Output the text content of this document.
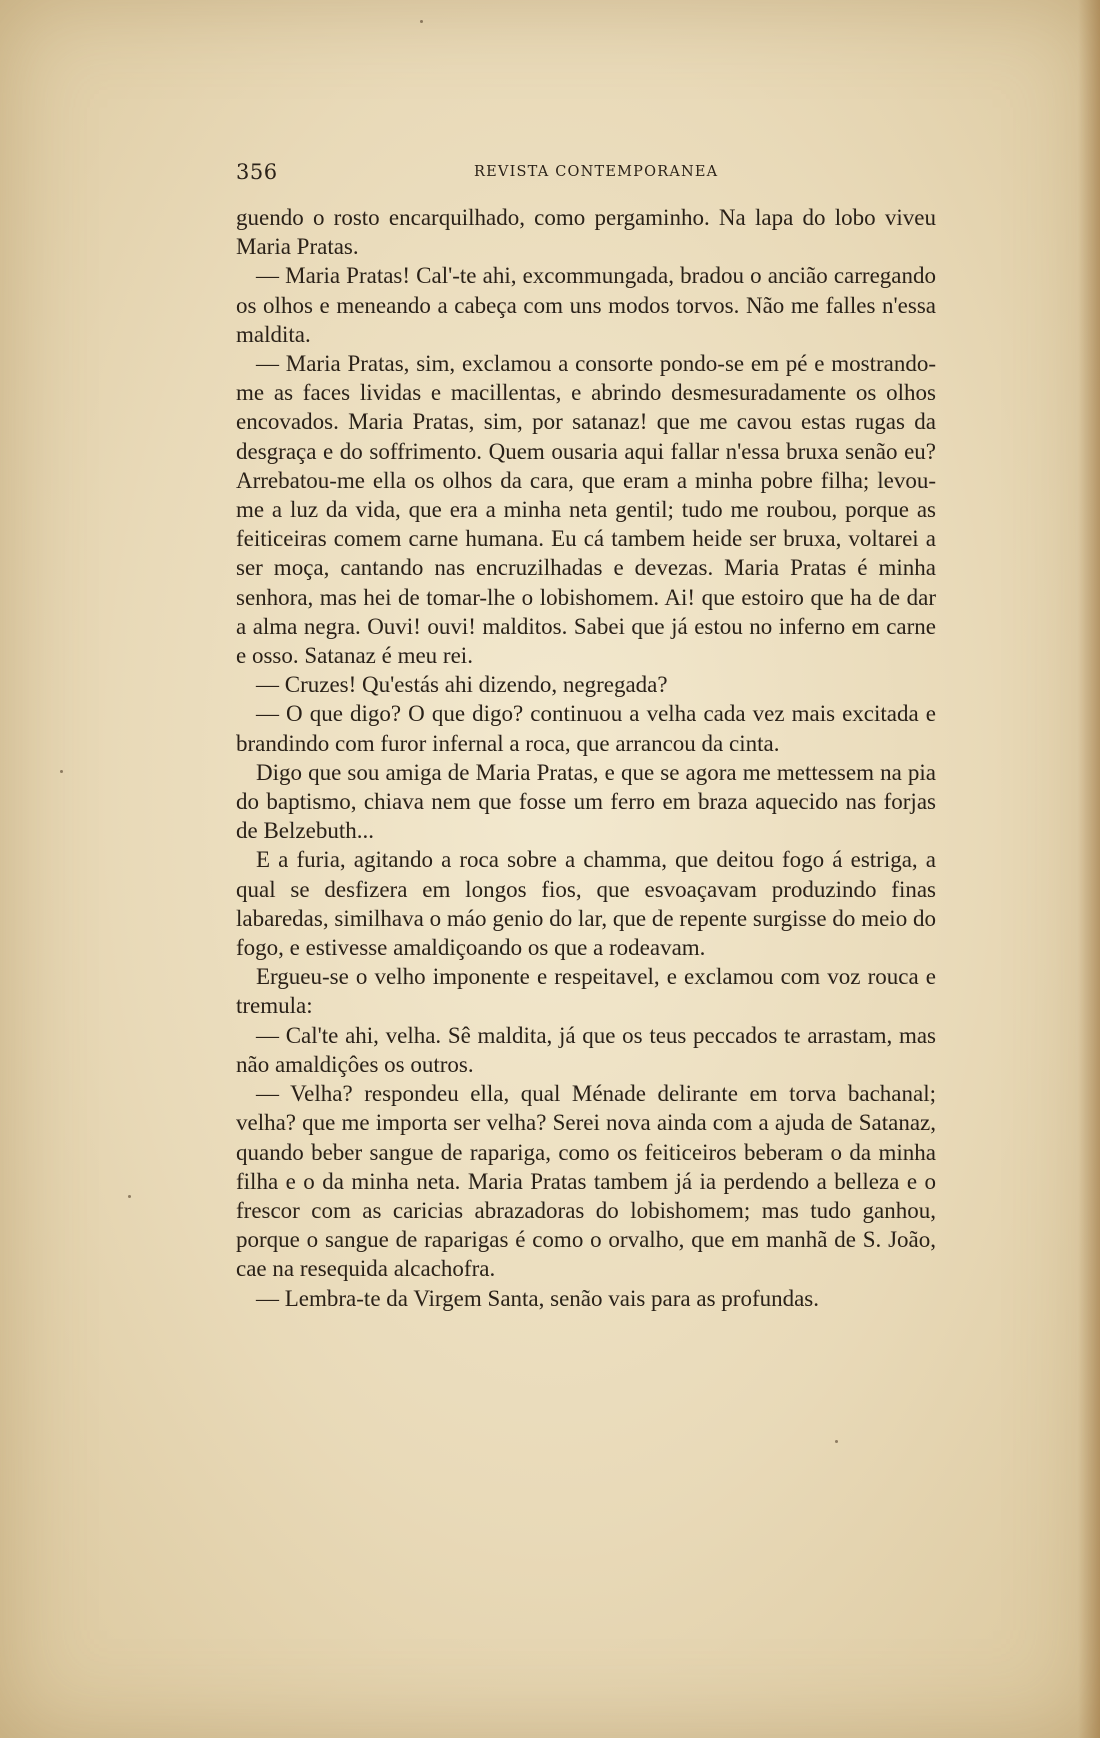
356	REVISTA CONTEMPORANEA

guendo o rosto encarquilhado, como pergaminho. Na lapa do lobo viveu Maria Pratas.

— Maria Pratas! Cal'-te ahi, excommungada, bradou o ancião carregando os olhos e meneando a cabeça com uns modos torvos. Não me falles n'essa maldita.

— Maria Pratas, sim, exclamou a consorte pondo-se em pé e mostrando-me as faces lividas e macillentas, e abrindo desmesuradamente os olhos encovados. Maria Pratas, sim, por satanaz! que me cavou estas rugas da desgraça e do soffrimento. Quem ousaria aqui fallar n'essa bruxa senão eu? Arrebatou-me ella os olhos da cara, que eram a minha pobre filha; levou-me a luz da vida, que era a minha neta gentil; tudo me roubou, porque as feiticeiras comem carne humana. Eu cá tambem heide ser bruxa, voltarei a ser moça, cantando nas encruzilhadas e devezas. Maria Pratas é minha senhora, mas hei de tomar-lhe o lobishomem. Ai! que estoiro que ha de dar a alma negra. Ouvi! ouvi! malditos. Sabei que já estou no inferno em carne e osso. Satanaz é meu rei.

— Cruzes! Qu'estás ahi dizendo, negregada?

— O que digo? O que digo? continuou a velha cada vez mais excitada e brandindo com furor infernal a roca, que arrancou da cinta.

Digo que sou amiga de Maria Pratas, e que se agora me mettessem na pia do baptismo, chiava nem que fosse um ferro em braza aquecido nas forjas de Belzebuth...

E a furia, agitando a roca sobre a chamma, que deitou fogo á estriga, a qual se desfizera em longos fios, que esvoaçavam produzindo finas labaredas, similhava o máo genio do lar, que de repente surgisse do meio do fogo, e estivesse amaldiçoando os que a rodeavam.

Ergueu-se o velho imponente e respeitavel, e exclamou com voz rouca e tremula:

— Cal'te ahi, velha. Sê maldita, já que os teus peccados te arrastam, mas não amaldiçôes os outros.

— Velha? respondeu ella, qual Ménade delirante em torva bachanal; velha? que me importa ser velha? Serei nova ainda com a ajuda de Satanaz, quando beber sangue de rapariga, como os feiticeiros beberam o da minha filha e o da minha neta. Maria Pratas tambem já ia perdendo a belleza e o frescor com as caricias abrazadoras do lobishomem; mas tudo ganhou, porque o sangue de raparigas é como o orvalho, que em manhã de S. João, cae na resequida alcachofra.

— Lembra-te da Virgem Santa, senão vais para as profundas.
